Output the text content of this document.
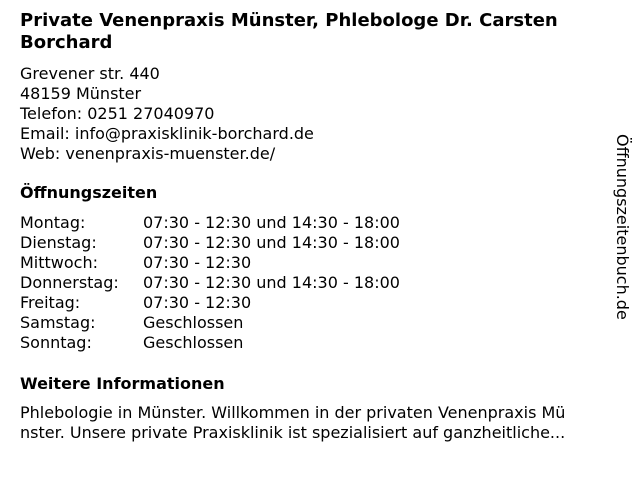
Private Venenpraxis Münster, Phlebologe Dr. Carsten
Borchard
Grevener str. 440
48159 Münster
Telefon: 0251 27040970
Email: info@praxisklinik-borchard.de
Web: venenpraxis-muenster.de/
Öffnungszeiten
Montag:	07:30 - 12:30 und 14:30 - 18:00
Dienstag:	07:30 - 12:30 und 14:30 - 18:00
Mittwoch:	07:30 - 12:30
Donnerstag:	07:30 - 12:30 und 14:30 - 18:00
Freitag:	07:30 - 12:30
Samstag:	Geschlossen
Sonntag:	Geschlossen
Weitere Informationen
Phlebologie in Münster. Willkommen in der privaten Venenpraxis Mü
nster. Unsere private Praxisklinik ist spezialisiert auf ganzheitliche...
Öffnungszeitenbuch.de
